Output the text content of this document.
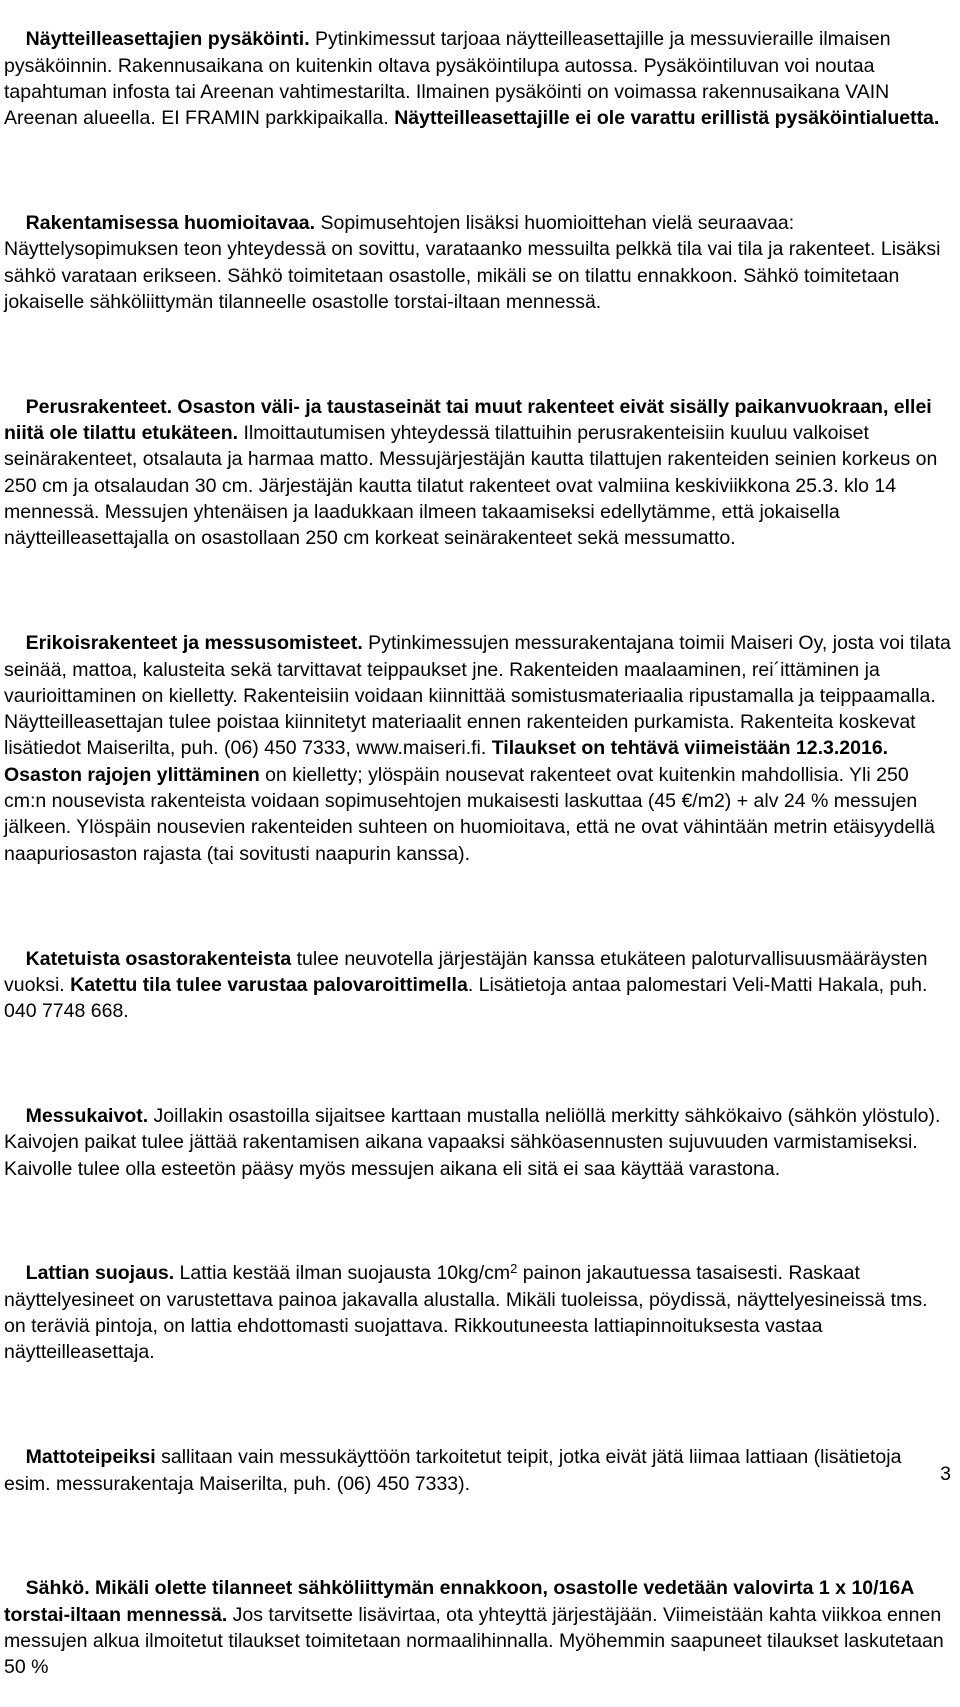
Näytteilleasettajien pysäköinti. Pytinkimessut tarjoaa näytteilleasettajille ja messuvieraille ilmaisen pysäköinnin. Rakennusaikana on kuitenkin oltava pysäköintilupa autossa. Pysäköintiluvan voi noutaa tapahtuman infosta tai Areenan vahtimestarilta. Ilmainen pysäköinti on voimassa rakennusaikana VAIN Areenan alueella. EI FRAMIN parkkipaikalla. Näytteilleasettajille ei ole varattu erillistä pysäköintialuetta.

Rakentamisessa huomioitavaa. Sopimusehtojen lisäksi huomioittehan vielä seuraavaa: Näyttelysopimuksen teon yhteydessä on sovittu, varataanko messuilta pelkkä tila vai tila ja rakenteet. Lisäksi sähkö varataan erikseen. Sähkö toimitetaan osastolle, mikäli se on tilattu ennakkoon. Sähkö toimitetaan jokaiselle sähköliittymän tilanneelle osastolle torstai-iltaan mennessä.

Perusrakenteet. Osaston väli- ja taustaseinät tai muut rakenteet eivät sisälly paikanvuokraan, ellei niitä ole tilattu etukäteen. Ilmoittautumisen yhteydessä tilattuihin perusrakenteisiin kuuluu valkoiset seinärakenteet, otsalauta ja harmaa matto. Messujärjestäjän kautta tilattujen rakenteiden seinien korkeus on 250 cm ja otsalaudan 30 cm. Järjestäjän kautta tilatut rakenteet ovat valmiina keskiviikkona 25.3. klo 14 mennessä. Messujen yhtenäisen ja laadukkaan ilmeen takaamiseksi edellytämme, että jokaisella näytteilleasettajalla on osastollaan 250 cm korkeat seinärakenteet sekä messumatto.

Erikoisrakenteet ja messusomisteet. Pytinkimessujen messurakentajana toimii Maiseri Oy, josta voi tilata seinää, mattoa, kalusteita sekä tarvittavat teippaukset jne. Rakenteiden maalaaminen, rei´ittäminen ja vaurioittaminen on kielletty. Rakenteisiin voidaan kiinnittää somistusmateriaalia ripustamalla ja teippaamalla. Näytteilleasettajan tulee poistaa kiinnitetyt materiaalit ennen rakenteiden purkamista. Rakenteita koskevat lisätiedot Maiserilta, puh. (06) 450 7333, www.maiseri.fi. Tilaukset on tehtävä viimeistään 12.3.2016. Osaston rajojen ylittäminen on kielletty; ylöspäin nousevat rakenteet ovat kuitenkin mahdollisia. Yli 250 cm:n nousevista rakenteista voidaan sopimusehtojen mukaisesti laskuttaa (45 €/m2) + alv 24 % messujen jälkeen. Ylöspäin nousevien rakenteiden suhteen on huomioitava, että ne ovat vähintään metrin etäisyydellä naapuriosaston rajasta (tai sovitusti naapurin kanssa).

Katetuista osastorakenteista tulee neuvotella järjestäjän kanssa etukäteen paloturvallisuusmääräysten vuoksi. Katettu tila tulee varustaa palovaroittimella. Lisätietoja antaa palomestari Veli-Matti Hakala, puh. 040 7748 668.

Messukaivot. Joillakin osastoilla sijaitsee karttaan mustalla neliöllä merkitty sähkökaivo (sähkön ylöstulo). Kaivojen paikat tulee jättää rakentamisen aikana vapaaksi sähköasennusten sujuvuuden varmistamiseksi. Kaivolle tulee olla esteetön pääsy myös messujen aikana eli sitä ei saa käyttää varastona.

Lattian suojaus. Lattia kestää ilman suojausta $10kg/cm^2$ painon jakautuessa tasaisesti. Raskaat näyttelyesineet on varustettava painoa jakavalla alustalla. Mikäli tuoleissa, pöydissä, näyttelyesineissä tms. on teräviä pintoja, on lattia ehdottomasti suojattava. Rikkoutuneesta lattiapinnoituksesta vastaa näytteilleasettaja.

Mattoteipeiksi sallitaan vain messukäyttöön tarkoitetut teipit, jotka eivät jätä liimaa lattiaan (lisätietoja esim. messurakentaja Maiserilta, puh. (06) 450 7333).

Sähkö. Mikäli olette tilanneet sähköliittymän ennakkoon, osastolle vedetään valovirta 1 x 10/16A torstai-iltaan mennessä. Jos tarvitsette lisävirtaa, ota yhteyttä järjestäjään. Viimeistään kahta viikkoa ennen messujen alkua ilmoitetut tilaukset toimitetaan normaalihinnalla. Myöhemmin saapuneet tilaukset laskutetaan 50 %

3
